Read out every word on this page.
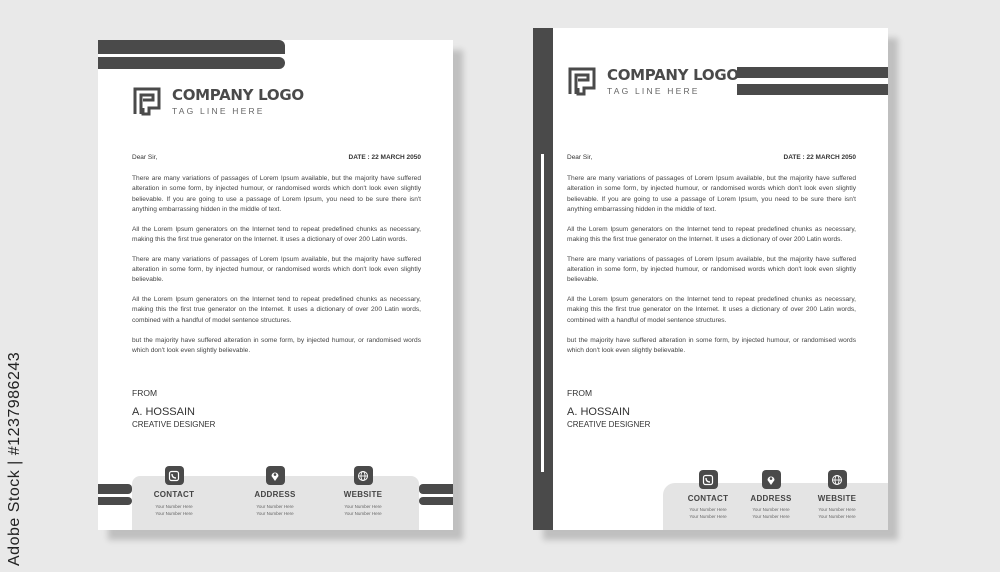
Adobe Stock | #1237986243
COMPANY LOGO
TAG LINE HERE
Dear Sir,	DATE : 22 MARCH 2050

There are many variations of passages of Lorem Ipsum available, but the majority have suffered alteration in some form, by injected humour, or randomised words which don't look even slightly believable. If you are going to use a passage of Lorem Ipsum, you need to be sure there isn't anything embarrassing hidden in the middle of text.

All the Lorem Ipsum generators on the Internet tend to repeat predefined chunks as necessary, making this the first true generator on the Internet. It uses a dictionary of over 200 Latin words.

There are many variations of passages of Lorem Ipsum available, but the majority have suffered alteration in some form, by injected humour, or randomised words which don't look even slightly believable.

All the Lorem Ipsum generators on the Internet tend to repeat predefined chunks as necessary, making this the first true generator on the Internet. It uses a dictionary of over 200 Latin words, combined with a handful of model sentence structures.

but the majority have suffered alteration in some form, by injected humour, or randomised words which don't look even slightly believable.

FROM
A. HOSSAIN
CREATIVE DESIGNER
CONTACT
Your Number Here
Your Number Here
ADDRESS
Your Number Here
Your Number Here
WEBSITE
Your Number Here
Your Number Here
COMPANY LOGO
TAG LINE HERE
Dear Sir,	DATE : 22 MARCH 2050

There are many variations of passages of Lorem Ipsum available, but the majority have suffered alteration in some form, by injected humour, or randomised words which don't look even slightly believable. If you are going to use a passage of Lorem Ipsum, you need to be sure there isn't anything embarrassing hidden in the middle of text.

All the Lorem Ipsum generators on the Internet tend to repeat predefined chunks as necessary, making this the first true generator on the Internet. It uses a dictionary of over 200 Latin words.

There are many variations of passages of Lorem Ipsum available, but the majority have suffered alteration in some form, by injected humour, or randomised words which don't look even slightly believable.

All the Lorem Ipsum generators on the Internet tend to repeat predefined chunks as necessary, making this the first true generator on the Internet. It uses a dictionary of over 200 Latin words, combined with a handful of model sentence structures.

but the majority have suffered alteration in some form, by injected humour, or randomised words which don't look even slightly believable.

FROM
A. HOSSAIN
CREATIVE DESIGNER
CONTACT
Your Number Here
Your Number Here
ADDRESS
Your Number Here
Your Number Here
WEBSITE
Your Number Here
Your Number Here
